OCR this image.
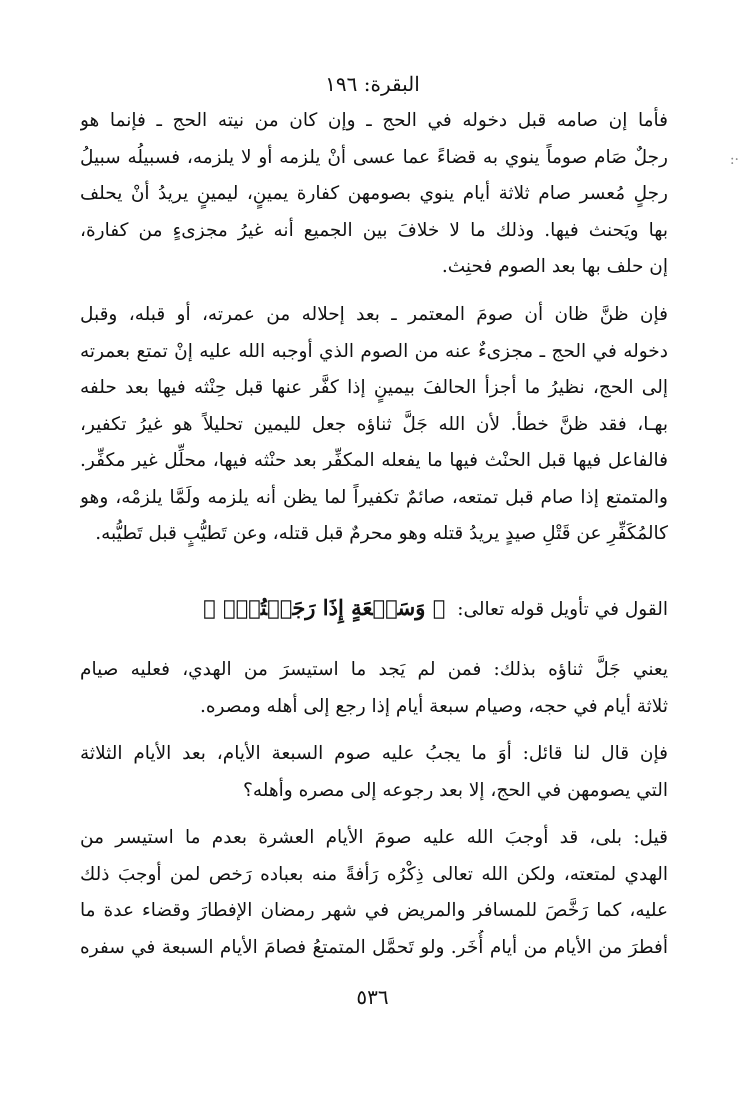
البقرة: ١٩٦
·:

فأما إن صامه قبل دخوله في الحج ـ وإن كان من نيته الحج ـ فإنما هو
رجلٌ صَام صوماً ينوي به قضاءً عما عسى أنْ يلزمه أو لا يلزمه، فسبيلُه سبيلُ
رجلٍ مُعسر صام ثلاثة أيام ينوي بصومهن كفارة يمينٍ، ليمينٍ يريدُ أنْ يحلف
بها ويَحنث فيها. وذلك ما لا خلافَ بين الجميع أنه غيرُ مجزىءٍ من كفارة،
إن حلف بها بعد الصوم فحنِث.

فإن ظنَّ ظان أن صومَ المعتمر ـ بعد إحلاله من عمرته، أو قبله، وقبل
دخوله في الحج ـ مجزىءٌ عنه من الصوم الذي أوجبه الله عليه إنْ تمتع بعمرته
إلى الحج، نظيرُ ما أجزأ الحالفَ بيمينٍ إذا كفَّر عنها قبل حِنْثه فيها بعد حلفه
بهـا، فقد ظنَّ خطأ. لأن الله جَلَّ ثناؤه جعل لليمين تحليلاً هو غيرُ تكفير،
فالفاعل فيها قبل الحنْث فيها ما يفعله المكفِّر بعد حنْثه فيها، محلِّل غير مكفِّر.
والمتمتع إذا صام قبل تمتعه، صائمٌ تكفيراً لما يظن أنه يلزمه ولَمَّا يلزمْه، وهو
كالمُكَفِّرِ عن قَتْلِ صيدٍ يريدُ قتله وهو محرمٌ قبل قتله، وعن تَطيُّبٍ قبل تَطيُّبه.

القول في تأويل قوله تعالى: ﴿ وَسَبۡعَةٍ إِذَا رَجَعۡتُمۡۗ ﴾

يعني جَلَّ ثناؤه بذلك: فمن لم يَجد ما استيسرَ من الهدي، فعليه صيام
ثلاثة أيام في حجه، وصيام سبعة أيام إذا رجع إلى أهله ومصره.

فإن قال لنا قائل: أوَ ما يجبُ عليه صوم السبعة الأيام، بعد الأيام الثلاثة
التي يصومهن في الحج، إلا بعد رجوعه إلى مصره وأهله؟

قيل: بلى، قد أوجبَ الله عليه صومَ الأيام العشرة بعدم ما استيسر من
الهدي لمتعته، ولكن الله تعالى ذِكْرُه رَأفةً منه بعباده رَخص لمن أوجبَ ذلك
عليه، كما رَخَّصَ للمسافر والمريض في شهر رمضان الإفطارَ وقضاء عدة ما
أفطرَ من الأيام من أيام أُخَر. ولو تَحمَّل المتمتعُ فصامَ الأيام السبعة في سفره

٥٣٦
